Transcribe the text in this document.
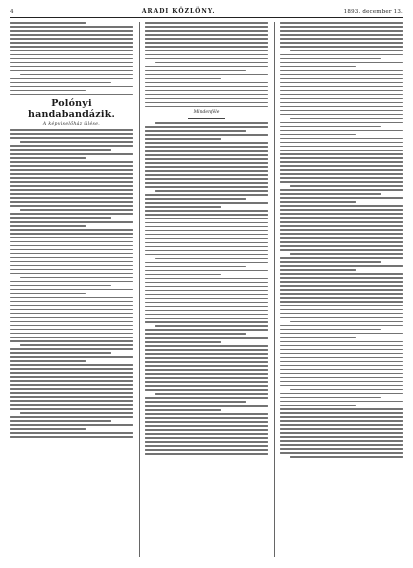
4	ARADI KÖZLÖNY.	1893. december 13.
Polónyi handabandázik.
A képviselőház ülése.
Mindenféle
